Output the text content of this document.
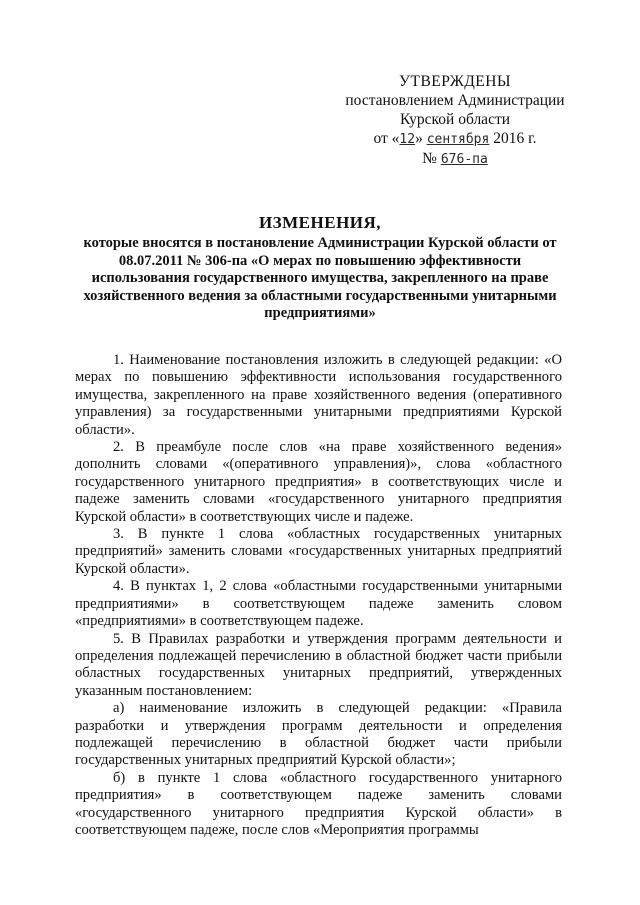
УТВЕРЖДЕНЫ
постановлением Администрации
Курской области
от «12» сентября 2016 г.
№ 676-па
ИЗМЕНЕНИЯ,
которые вносятся в постановление Администрации Курской области от 08.07.2011 № 306-па «О мерах по повышению эффективности использования государственного имущества, закрепленного на праве хозяйственного ведения за областными государственными унитарными предприятиями»

1. Наименование постановления изложить в следующей редакции: «О мерах по повышению эффективности использования государственного имущества, закрепленного на праве хозяйственного ведения (оперативного управления) за государственными унитарными предприятиями Курской области».

2. В преамбуле после слов «на праве хозяйственного ведения» дополнить словами «(оперативного управления)», слова «областного государственного унитарного предприятия» в соответствующих числе и падеже заменить словами «государственного унитарного предприятия Курской области» в соответствующих числе и падеже.

3. В пункте 1 слова «областных государственных унитарных предприятий» заменить словами «государственных унитарных предприятий Курской области».

4. В пунктах 1, 2 слова «областными государственными унитарными предприятиями» в соответствующем падеже заменить словом «предприятиями» в соответствующем падеже.

5. В Правилах разработки и утверждения программ деятельности и определения подлежащей перечислению в областной бюджет части прибыли областных государственных унитарных предприятий, утвержденных указанным постановлением:

а) наименование изложить в следующей редакции: «Правила разработки и утверждения программ деятельности и определения подлежащей перечислению в областной бюджет части прибыли государственных унитарных предприятий Курской области»;

б) в пункте 1 слова «областного государственного унитарного предприятия» в соответствующем падеже заменить словами «государственного унитарного предприятия Курской области» в соответствующем падеже, после слов «Мероприятия программы
